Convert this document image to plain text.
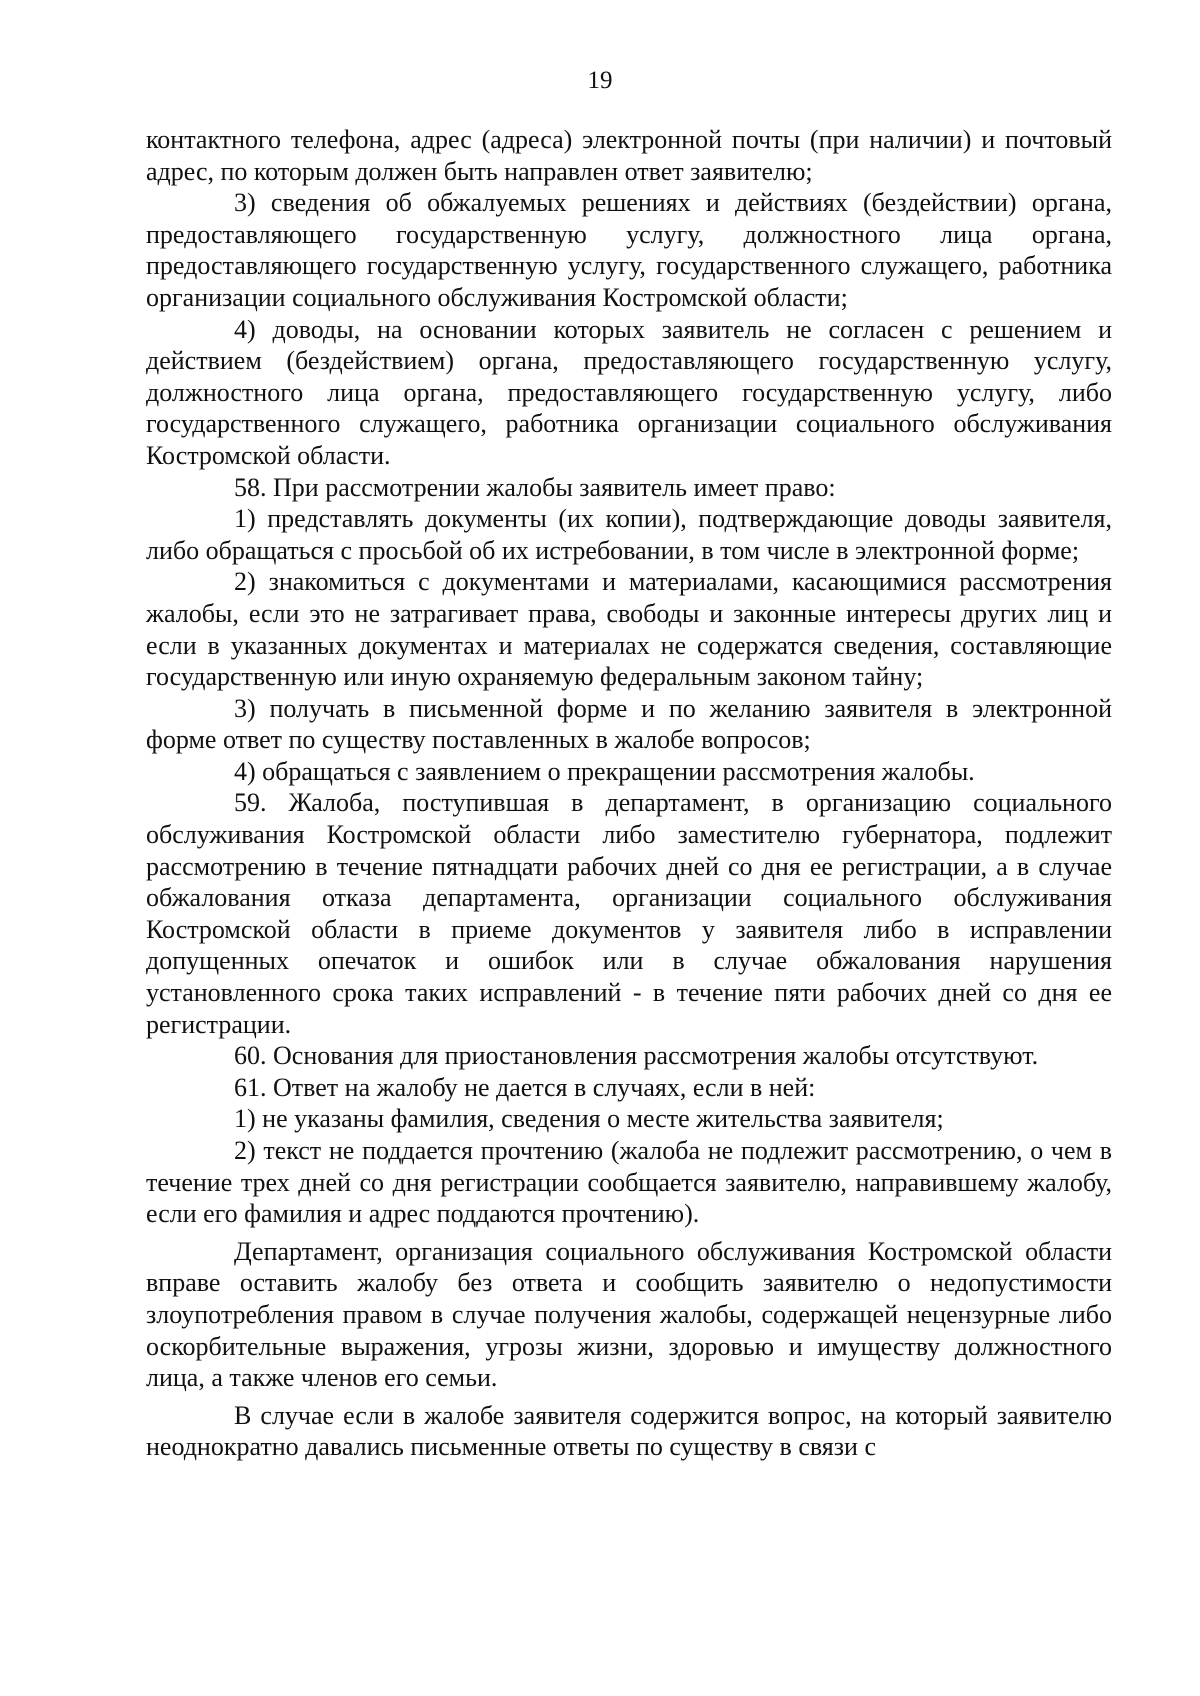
19

контактного телефона, адрес (адреса) электронной почты (при наличии) и почтовый адрес, по которым должен быть направлен ответ заявителю;

3) сведения об обжалуемых решениях и действиях (бездействии) органа, предоставляющего государственную услугу, должностного лица органа, предоставляющего государственную услугу, государственного служащего, работника организации социального обслуживания Костромской области;

4) доводы, на основании которых заявитель не согласен с решением и действием (бездействием) органа, предоставляющего государственную услугу, должностного лица органа, предоставляющего государственную услугу, либо государственного служащего, работника организации социального обслуживания Костромской области.

58. При рассмотрении жалобы заявитель имеет право:

1) представлять документы (их копии), подтверждающие доводы заявителя, либо обращаться с просьбой об их истребовании, в том числе в электронной форме;

2) знакомиться с документами и материалами, касающимися рассмотрения жалобы, если это не затрагивает права, свободы и законные интересы других лиц и если в указанных документах и материалах не содержатся сведения, составляющие государственную или иную охраняемую федеральным законом тайну;

3) получать в письменной форме и по желанию заявителя в электронной форме ответ по существу поставленных в жалобе вопросов;

4) обращаться с заявлением о прекращении рассмотрения жалобы.

59. Жалоба, поступившая в департамент, в организацию социального обслуживания Костромской области либо заместителю губернатора, подлежит рассмотрению в течение пятнадцати рабочих дней со дня ее регистрации, а в случае обжалования отказа департамента, организации социального обслуживания Костромской области в приеме документов у заявителя либо в исправлении допущенных опечаток и ошибок или в случае обжалования нарушения установленного срока таких исправлений - в течение пяти рабочих дней со дня ее регистрации.

60. Основания для приостановления рассмотрения жалобы отсутствуют.

61. Ответ на жалобу не дается в случаях, если в ней:

1) не указаны фамилия, сведения о месте жительства заявителя;

2) текст не поддается прочтению (жалоба не подлежит рассмотрению, о чем в течение трех дней со дня регистрации сообщается заявителю, направившему жалобу, если его фамилия и адрес поддаются прочтению).

Департамент, организация социального обслуживания Костромской области вправе оставить жалобу без ответа и сообщить заявителю о недопустимости злоупотребления правом в случае получения жалобы, содержащей нецензурные либо оскорбительные выражения, угрозы жизни, здоровью и имуществу должностного лица, а также членов его семьи.

В случае если в жалобе заявителя содержится вопрос, на который заявителю неоднократно давались письменные ответы по существу в связи с
